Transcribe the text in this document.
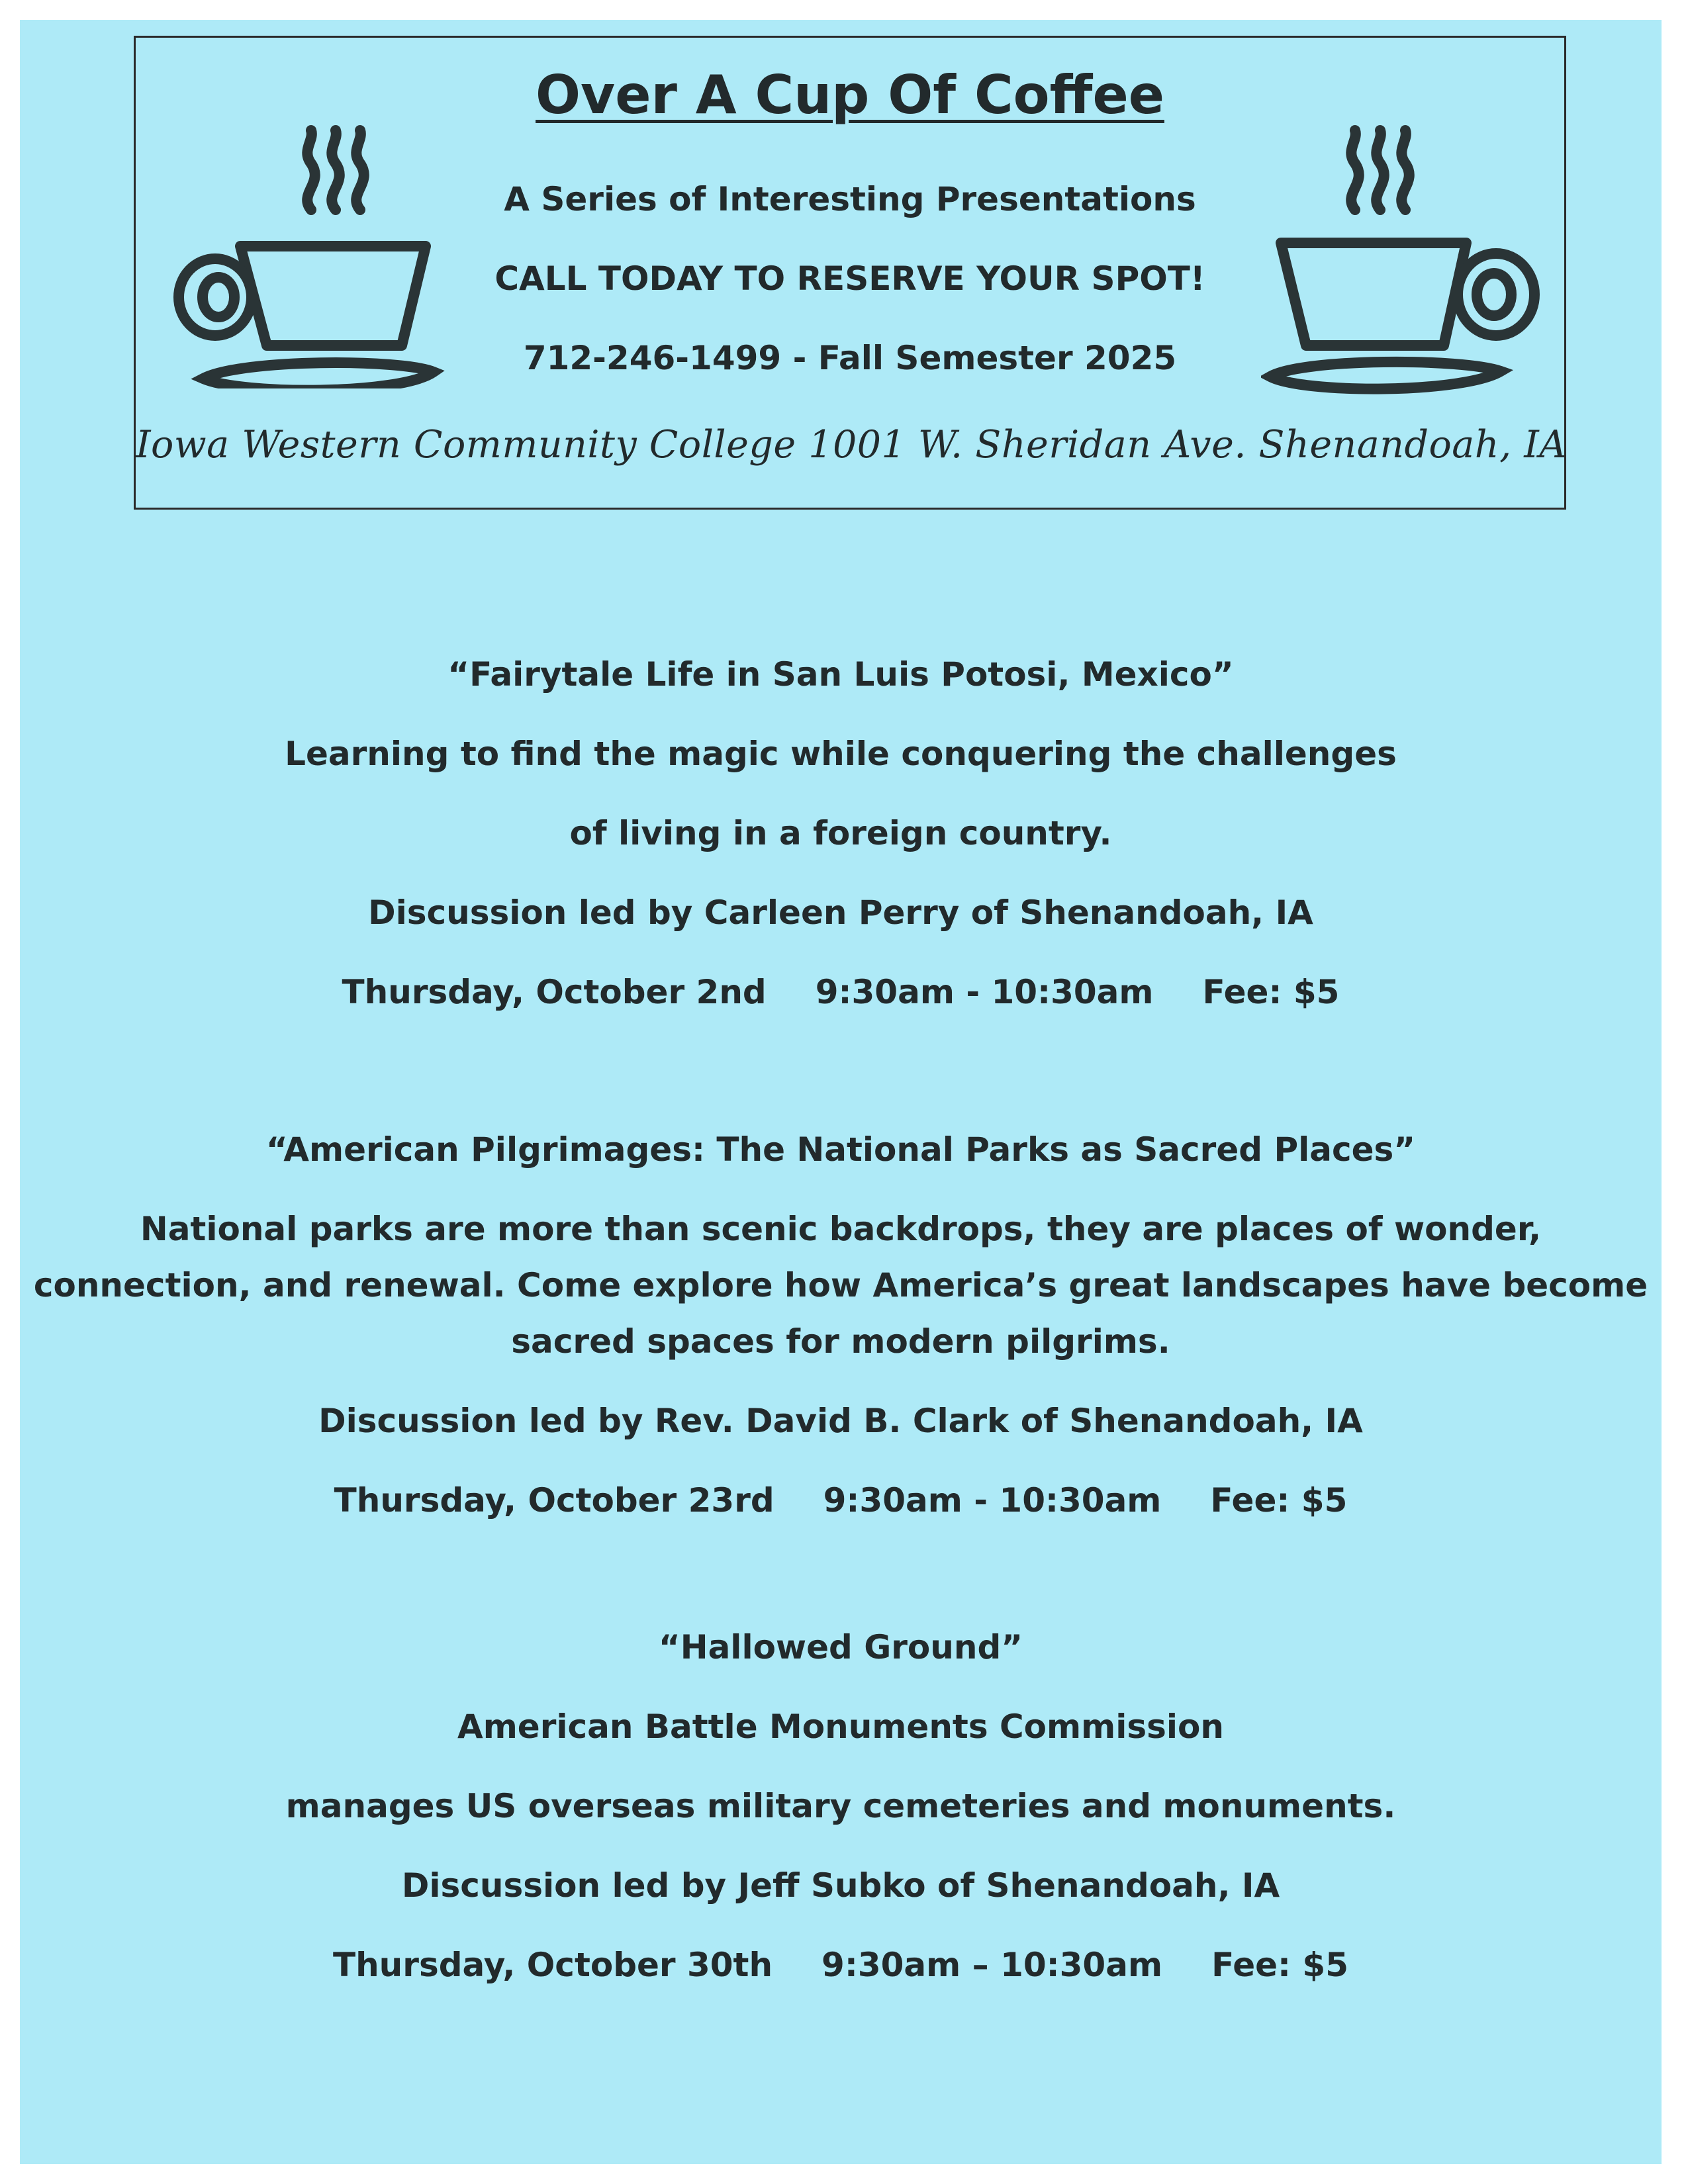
Over A Cup Of Coffee
A Series of Interesting Presentations
CALL TODAY TO RESERVE YOUR SPOT!
712-246-1499 - Fall Semester 2025
Iowa Western Community College 1001 W. Sheridan Ave. Shenandoah, IA
“Fairytale Life in San Luis Potosi, Mexico”
Learning to find the magic while conquering the challenges
of living in a foreign country.
Discussion led by Carleen Perry of Shenandoah, IA
Thursday, October 2nd 9:30am - 10:30am Fee: $5
“American Pilgrimages: The National Parks as Sacred Places”
National parks are more than scenic backdrops, they are places of wonder,
connection, and renewal. Come explore how America’s great landscapes have become
sacred spaces for modern pilgrims.
Discussion led by Rev. David B. Clark of Shenandoah, IA
Thursday, October 23rd 9:30am - 10:30am Fee: $5
“Hallowed Ground”
American Battle Monuments Commission
manages US overseas military cemeteries and monuments.
Discussion led by Jeff Subko of Shenandoah, IA
Thursday, October 30th 9:30am – 10:30am Fee: $5
